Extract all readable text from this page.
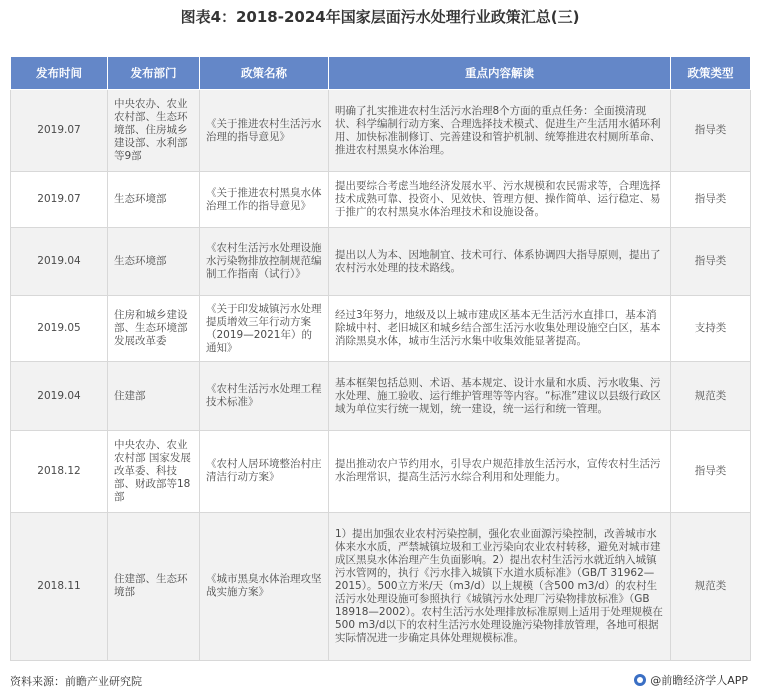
图表4：2018-2024年国家层面污水处理行业政策汇总(三)
发布时间	发布部门	政策名称	重点内容解读	政策类型
2019.07	中央农办、农业农村部、生态环境部、住房城乡建设部、水利部等9部	《关于推进农村生活污水治理的指导意见》	明确了扎实推进农村生活污水治理8个方面的重点任务：全面摸清现状、科学编制行动方案、合理选择技术模式、促进生产生活用水循环利用、加快标准制修订、完善建设和管护机制、统筹推进农村厕所革命、推进农村黑臭水体治理。	指导类
2019.07	生态环境部	《关于推进农村黑臭水体治理工作的指导意见》	提出要综合考虑当地经济发展水平、污水规模和农民需求等，合理选择技术成熟可靠、投资小、见效快、管理方便、操作简单、运行稳定、易于推广的农村黑臭水体治理技术和设施设备。	指导类
2019.04	生态环境部	《农村生活污水处理设施水污染物排放控制规范编制工作指南（试行）》	提出以人为本、因地制宜、技术可行、体系协调四大指导原则，提出了农村污水处理的技术路线。	指导类
2019.05	住房和城乡建设部、生态环境部 发展改革委	《关于印发城镇污水处理提质增效三年行动方案（2019—2021年）的通知》	经过3年努力，地级及以上城市建成区基本无生活污水直排口，基本消除城中村、老旧城区和城乡结合部生活污水收集处理设施空白区，基本消除黑臭水体，城市生活污水集中收集效能显著提高。	支持类
2019.04	住建部	《农村生活污水处理工程技术标准》	基本框架包括总则、术语、基本规定、设计水量和水质、污水收集、污水处理、施工验收、运行维护管理等等内容。“标准”建议以县级行政区域为单位实行统一规划，统一建设，统一运行和统一管理。	规范类
2018.12	中央农办、农业农村部 国家发展改革委、科技部、财政部等18部	《农村人居环境整治村庄清洁行动方案》	提出推动农户节约用水，引导农户规范排放生活污水，宣传农村生活污水治理常识，提高生活污水综合利用和处理能力。	指导类
2018.11	住建部、生态环境部	《城市黑臭水体治理攻坚战实施方案》	1）提出加强农业农村污染控制，强化农业面源污染控制，改善城市水体来水水质，严禁城镇垃圾和工业污染向农业农村转移，避免对城市建成区黑臭水体治理产生负面影响。2）提出农村生活污水就近纳入城镇污水管网的，执行《污水排入城镇下水道水质标准》（GB/T 31962—2015）。500立方米/天（m3/d）以上规模（含500 m3/d）的农村生活污水处理设施可参照执行《城镇污水处理厂污染物排放标准》（GB 18918—2002）。农村生活污水处理排放标准原则上适用于处理规模在500 m3/d以下的农村生活污水处理设施污染物排放管理，各地可根据实际情况进一步确定具体处理规模标准。	规范类
资料来源：前瞻产业研究院	@前瞻经济学人APP
